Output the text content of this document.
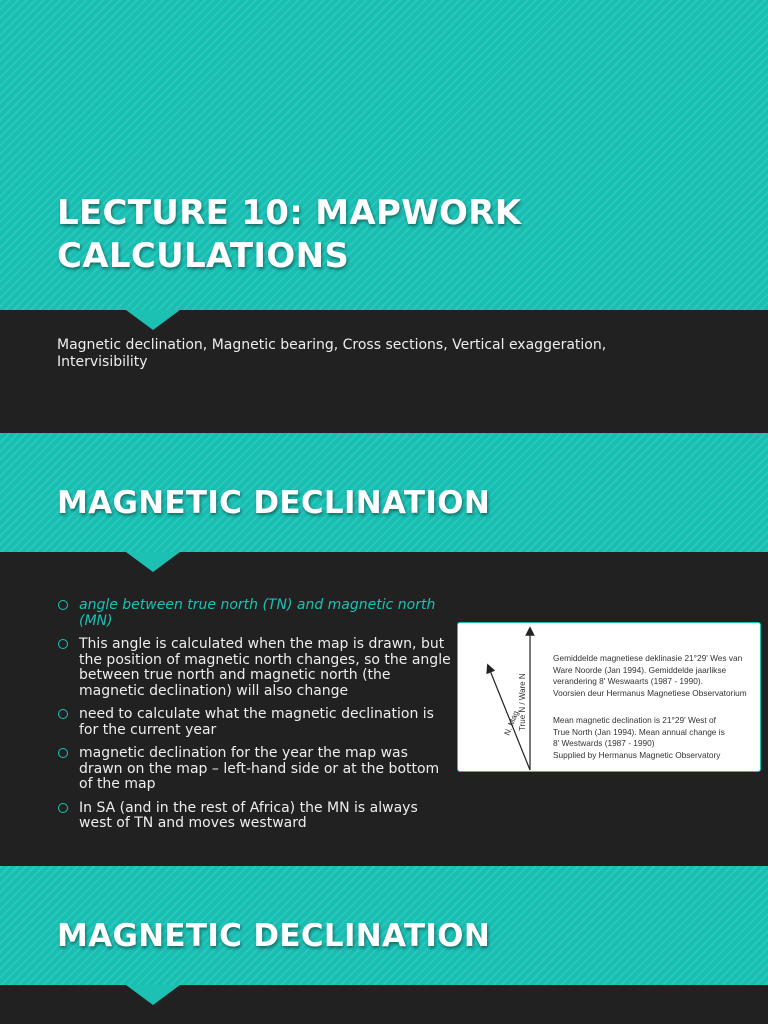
LECTURE 10: MAPWORK CALCULATIONS

Magnetic declination, Magnetic bearing, Cross sections, Vertical exaggeration, Intervisibility

MAGNETIC DECLINATION
angle between true north (TN) and magnetic north (MN)
This angle is calculated when the map is drawn, but the position of magnetic north changes, so the angle between true north and magnetic north (the magnetic declination) will also change
need to calculate what the magnetic declination is for the current year
magnetic declination for the year the map was drawn on the map – left-hand side or at the bottom of the map
In SA (and in the rest of Africa) the MN is always west of TN and moves westward
True N / Ware N
N. Mag.

Gemiddelde magnetiese deklinasie 21°29' Wes van
Ware Noorde (Jan 1994). Gemiddelde jaarlikse
verandering 8' Weswaarts (1987 - 1990).
Voorsien deur Hermanus Magnetiese Observatorium

Mean magnetic declination is 21°29' West of
True North (Jan 1994). Mean annual change is
8' Westwards (1987 - 1990)
Supplied by Hermanus Magnetic Observatory

MAGNETIC DECLINATION
